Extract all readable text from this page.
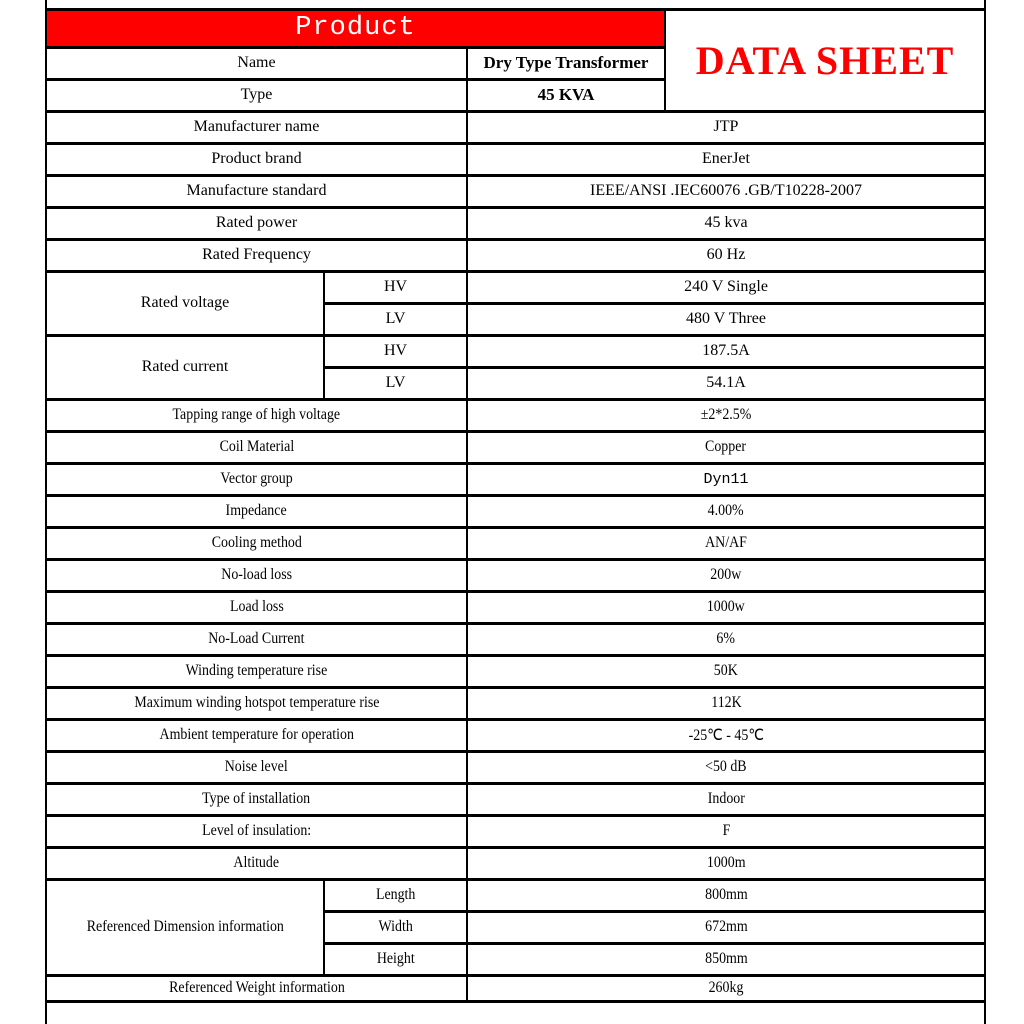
Product			DATA SHEET
Name		Dry Type Transformer	
Type		45 KVA	
Manufacturer name		JTP	
Product brand		EnerJet	
Manufacture standard		IEEE/ANSI .IEC60076 .GB/T10228-2007	
Rated power		45 kva	
Rated Frequency		60 Hz	
Rated voltage	HV	240 V Single	
	LV	480 V Three	
Rated current	HV	187.5A	
	LV	54.1A	
Tapping range of high voltage		±2*2.5%	
Coil Material		Copper	
Vector group		Dyn11	
Impedance		4.00%	
Cooling method		AN/AF	
No-load loss		200w	
Load loss		1000w	
No-Load Current		6%	
Winding temperature rise		50K	
Maximum winding hotspot temperature rise		112K	
Ambient temperature for operation		-25℃ - 45℃	
Noise level		<50 dB	
Type of installation		Indoor	
Level of insulation:		F	
Altitude		1000m	
Referenced Dimension information	Length	800mm	
	Width	672mm	
	Height	850mm	
Referenced Weight information		260kg	
